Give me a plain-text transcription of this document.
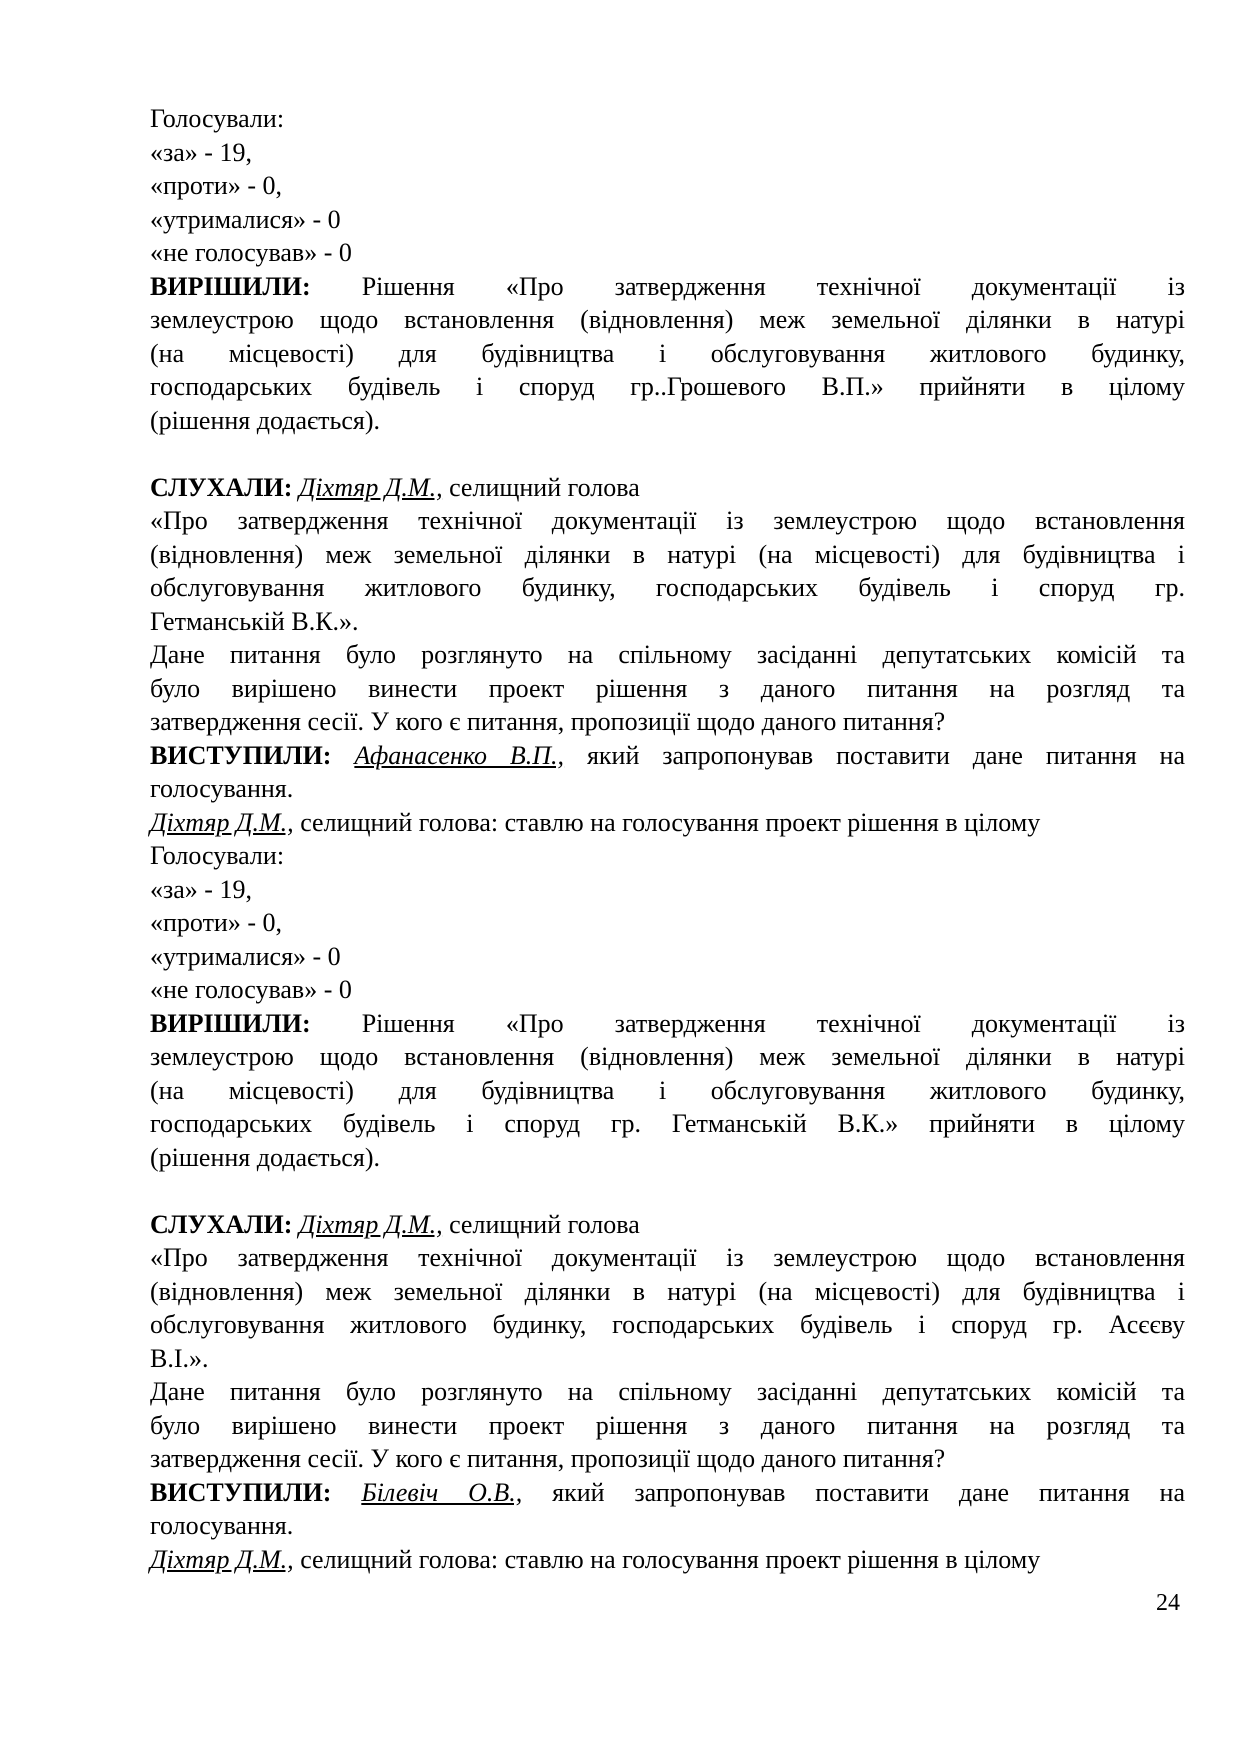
Голосували:
«за» - 19,
«проти» - 0,
«утрималися» - 0
«не голосував» - 0
ВИРІШИЛИ: Рішення «Про затвердження технічної документації із
землеустрою щодо встановлення (відновлення) меж земельної ділянки в натурі
(на місцевості) для будівництва і обслуговування житлового будинку,
господарських будівель і споруд гр..Грошевого В.П.» прийняти в цілому
(рішення додається).
СЛУХАЛИ: Діхтяр Д.М., селищний голова
«Про затвердження технічної документації із землеустрою щодо встановлення
(відновлення) меж земельної ділянки в натурі (на місцевості) для будівництва і
обслуговування житлового будинку, господарських будівель і споруд гр.
Гетманській В.К.».
Дане питання було розглянуто на спільному засіданні депутатських комісій та
було вирішено винести проект рішення з даного питання на розгляд та
затвердження сесії. У кого є питання, пропозиції щодо даного питання?
ВИСТУПИЛИ: Афанасенко В.П., який запропонував поставити дане питання на
голосування.
Діхтяр Д.М., селищний голова: ставлю на голосування проект рішення в цілому
Голосували:
«за» - 19,
«проти» - 0,
«утрималися» - 0
«не голосував» - 0
ВИРІШИЛИ: Рішення «Про затвердження технічної документації із
землеустрою щодо встановлення (відновлення) меж земельної ділянки в натурі
(на місцевості) для будівництва і обслуговування житлового будинку,
господарських будівель і споруд гр. Гетманській В.К.» прийняти в цілому
(рішення додається).
СЛУХАЛИ: Діхтяр Д.М., селищний голова
«Про затвердження технічної документації із землеустрою щодо встановлення
(відновлення) меж земельної ділянки в натурі (на місцевості) для будівництва і
обслуговування житлового будинку, господарських будівель і споруд гр. Асєєву
В.І.».
Дане питання було розглянуто на спільному засіданні депутатських комісій та
було вирішено винести проект рішення з даного питання на розгляд та
затвердження сесії. У кого є питання, пропозиції щодо даного питання?
ВИСТУПИЛИ: Білевіч О.В., який запропонував поставити дане питання на
голосування.
Діхтяр Д.М., селищний голова: ставлю на голосування проект рішення в цілому
24
